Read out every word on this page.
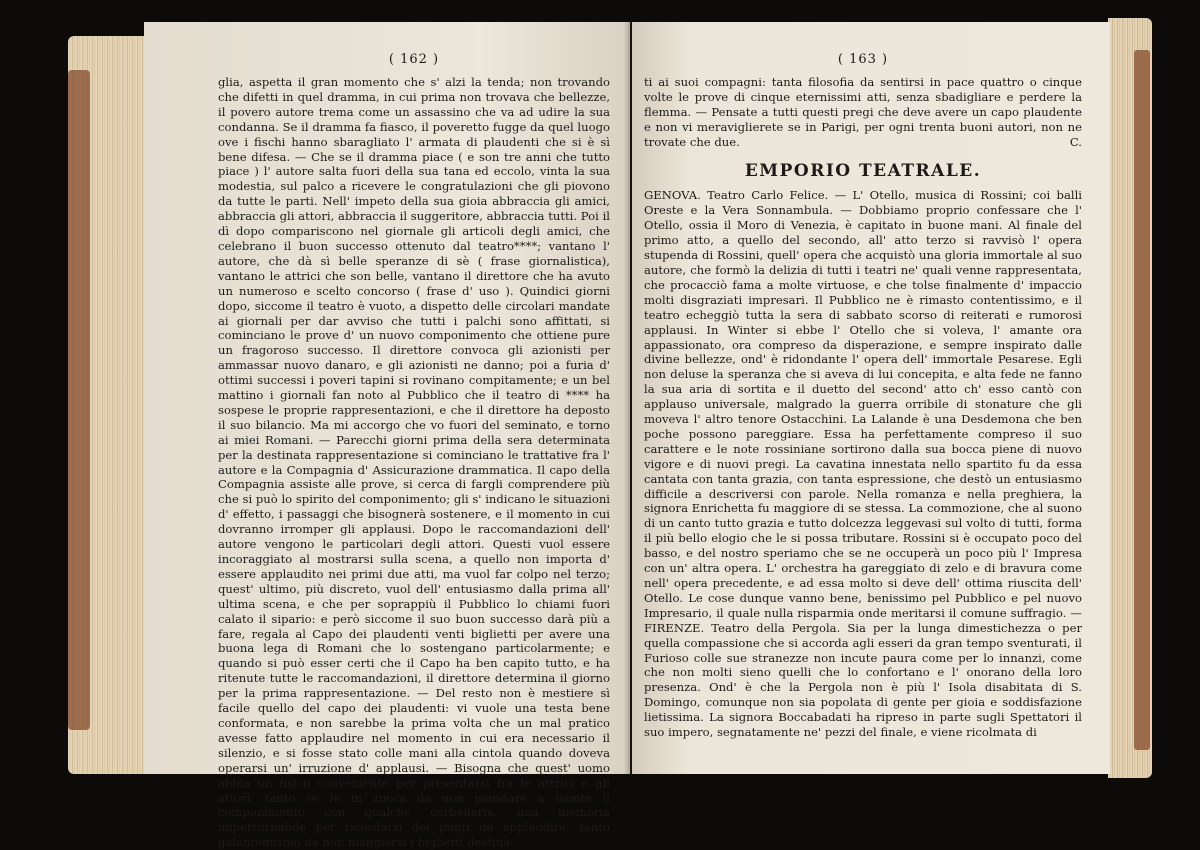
( 162 )

glia, aspetta il gran momento che s' alzi la tenda; non trovando che difetti in quel dramma, in cui prima non trovava che bellezze, il povero autore trema come un assassino che va ad udire la sua condanna. Se il dramma fa fiasco, il poveretto fugge da quel luogo ove i fischi hanno sbaragliato l' armata di plaudenti che si è sì bene difesa. — Che se il dramma piace ( e son tre anni che tutto piace ) l' autore salta fuori della sua tana ed eccolo, vinta la sua modestia, sul palco a ricevere le congratulazioni che gli piovono da tutte le parti. Nell' impeto della sua gioia abbraccia gli amici, abbraccia gli attori, abbraccia il suggeritore, abbraccia tutti. Poi il dì dopo compariscono nel giornale gli articoli degli amici, che celebrano il buon successo ottenuto dal teatro****; vantano l' autore, che dà sì belle speranze di sè ( frase giornalistica), vantano le attrici che son belle, vantano il direttore che ha avuto un numeroso e scelto concorso ( frase d' uso ). Quindici giorni dopo, siccome il teatro è vuoto, a dispetto delle circolari mandate ai giornali per dar avviso che tutti i palchi sono affittati, si cominciano le prove d' un nuovo componimento che ottiene pure un fragoroso successo. Il direttore convoca gli azionisti per ammassar nuovo danaro, e gli azionisti ne danno; poi a furia d' ottimi successi i poveri tapini si rovinano compitamente; e un bel mattino i giornali fan noto al Pubblico che il teatro di **** ha sospese le proprie rappresentazioni, e che il direttore ha deposto il suo bilancio. Ma mi accorgo che vo fuori del seminato, e torno ai miei Romani. — Parecchi giorni prima della sera determinata per la destinata rappresentazione si cominciano le trattative fra l' autore e la Compagnia d' Assicurazione drammatica. Il capo della Compagnia assiste alle prove, si cerca di fargli comprendere più che si può lo spirito del componimento; gli s' indicano le situazioni d' effetto, i passaggi che bisognerà sostenere, e il momento in cui dovranno irromper gli applausi. Dopo le raccomandazioni dell' autore vengono le particolari degli attori. Questi vuol essere incoraggiato al mostrarsi sulla scena, a quello non importa d' essere applaudito nei primi due atti, ma vuol far colpo nel terzo; quest' ultimo, più discreto, vuol dell' entusiasmo dalla prima all' ultima scena, e che per soprappiù il Pubblico lo chiami fuori calato il sipario: e però siccome il suo buon successo darà più a fare, regala al Capo dei plaudenti venti biglietti per avere una buona lega di Romani che lo sostengano particolarmente; e quando si può esser certi che il Capo ha ben capito tutto, e ha ritenute tutte le raccomandazioni, il direttore determina il giorno per la prima rappresentazione. — Del resto non è mestiere sì facile quello del capo dei plaudenti: vi vuole una testa bene conformata, e non sarebbe la prima volta che un mal pratico avesse fatto applaudire nel momento in cui era necessario il silenzio, e si fosse stato colle mani alla cintola quando doveva operarsi un' irruzione d' applausi. — Bisogna che quest' uomo abbia un fisico conveniente per presentarsi fra le attrici e gli attori, tanto se le in zucca da non mandare a monte il componimento con qualche corbelleria, una memoria imperturbabile per ricordarsi dei punti da applaudire; tanto galantomismo da non mangiarsi i biglietti destina-

( 163 )

ti ai suoi compagni: tanta filosofia da sentirsi in pace quattro o cinque volte le prove di cinque eternissimi atti, senza sbadigliare e perdere la flemma. — Pensate a tutti questi pregi che deve avere un capo plaudente e non vi meraviglierete se in Parigi, per ogni trenta buoni autori, non ne trovate che due.	C.

EMPORIO TEATRALE.

GENOVA. Teatro Carlo Felice. — L' Otello, musica di Rossini; coi balli Oreste e la Vera Sonnambula. — Dobbiamo proprio confessare che l' Otello, ossia il Moro di Venezia, è capitato in buone mani. Al finale del primo atto, a quello del secondo, all' atto terzo si ravvisò l' opera stupenda di Rossini, quell' opera che acquistò una gloria immortale al suo autore, che formò la delizia di tutti i teatri ne' quali venne rappresentata, che procacciò fama a molte virtuose, e che tolse finalmente d' impaccio molti disgraziati impresari. Il Pubblico ne è rimasto contentissimo, e il teatro echeggiò tutta la sera di sabbato scorso di reiterati e rumorosi applausi. In Winter si ebbe l' Otello che si voleva, l' amante ora appassionato, ora compreso da disperazione, e sempre inspirato dalle divine bellezze, ond' è ridondante l' opera dell' immortale Pesarese. Egli non deluse la speranza che si aveva di lui concepita, e alta fede ne fanno la sua aria di sortita e il duetto del second' atto ch' esso cantò con applauso universale, malgrado la guerra orribile di stonature che gli moveva l' altro tenore Ostacchini. La Lalande è una Desdemona che ben poche possono pareggiare. Essa ha perfettamente compreso il suo carattere e le note rossiniane sortirono dalla sua bocca piene di nuovo vigore e di nuovi pregi. La cavatina innestata nello spartito fu da essa cantata con tanta grazia, con tanta espressione, che destò un entusiasmo difficile a descriversi con parole. Nella romanza e nella preghiera, la signora Enrichetta fu maggiore di se stessa. La commozione, che al suono di un canto tutto grazia e tutto dolcezza leggevasi sul volto di tutti, forma il più bello elogio che le si possa tributare. Rossini si è occupato poco del basso, e del nostro speriamo che se ne occuperà un poco più l' Impresa con un' altra opera. L' orchestra ha gareggiato di zelo e di bravura come nell' opera precedente, e ad essa molto si deve dell' ottima riuscita dell' Otello. Le cose dunque vanno bene, benissimo pel Pubblico e pel nuovo Impresario, il quale nulla risparmia onde meritarsi il comune suffragio. — FIRENZE. Teatro della Pergola. Sia per la lunga dimestichezza o per quella compassione che si accorda agli esseri da gran tempo sventurati, il Furioso colle sue stranezze non incute paura come per lo innanzi, come che non molti sieno quelli che lo confortano e l' onorano della loro presenza. Ond' è che la Pergola non è più l' Isola disabitata di S. Domingo, comunque non sia popolata di gente per gioia e soddisfazione lietissima. La signora Boccabadati ha ripreso in parte sugli Spettatori il suo impero, segnatamente ne' pezzi del finale, e viene ricolmata di
